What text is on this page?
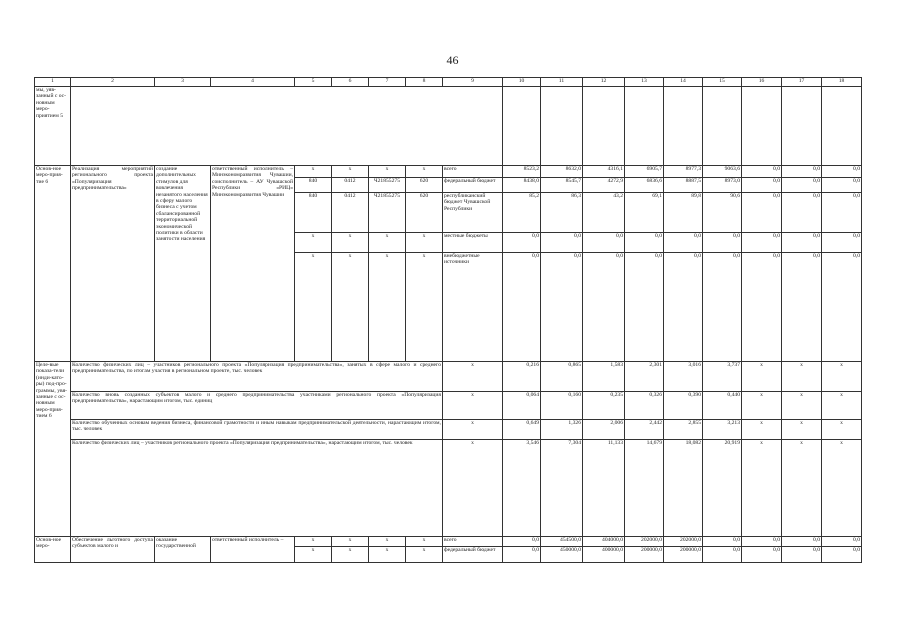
46
1	2	3	4	5	6	7	8	9	10	11	12	13	14	15	16	17	18
мы, уяв-занный с ос-новным меро-приятием 5																	
Основ-ное меро-прия-тие 6	Реализация мероприятий регионального проекта «Популяризация предпринимательства»	создание дополнительных стимулов для вовлечения незанятого населения в сферу малого бизнеса с учетом сбалансированной территориальной экономической политики в области занятости населения	ответственный исполнитель – Минэкономразвития Чувашии, соисполнитель – АУ Чувашской Республики «РИЦ» Минэкономразвития Чувашии	x	x	x	x	всего	8523,2	8632,0	4316,1	6905,7	8977,3	9063,6	0,0	0,0	0,0
				840	0412	Ч21855275	620	федеральный бюджет	8438,0	8545,7	4272,9	6836,6	8887,5	8973,0	0,0	0,0	0,0
				840	0412	Ч21855275	620	республиканский бюджет Чувашской Республики	85,2	86,3	43,2	69,1	89,8	90,6	0,0	0,0	0,0
				x	x	x	x	местные бюджеты	0,0	0,0	0,0	0,0	0,0	0,0	0,0	0,0	0,0
				x	x	x	x	внебюджетные источники	0,0	0,0	0,0	0,0	0,0	0,0	0,0	0,0	0,0
Целе-вые показа-тели (инди-като-ры) под-про-граммы, увя-занные с ос-новным меро-прия-тием 6	Количество физических лиц – участников регионального проекта «Популяризация предпринимательства», занятых в сфере малого и среднего предпринимательства, по итогам участия в региональном проекте, тыс. человек							x	0,216	0,865	1,583	2,301	3,016	3,737	x	x	x
	Количество вновь созданных субъектов малого и среднего предпринимательства участниками регионального проекта «Популяризация предпринимательства», нарастающим итогом, тыс. единиц							x	0,064	0,160	0,235	0,326	0,390	0,440	x	x	x
	Количество обученных основам ведения бизнеса, финансовой грамотности и иным навыкам предпринимательской деятельности, нарастающим итогом, тыс. человек							x	0,649	1,326	2,006	2,442	2,855	3,213	x	x	x
	Количество физических лиц – участников регионального проекта «Популяризация предпринимательства», нарастающим итогом, тыс. человек							x	3,546	7,304	11,133	14,679	18,082	20,919	x	x	x
Основ-ное меро-	Обеспечение льготного доступа субъектов малого и	оказание государственной	ответственный исполнитель –	x	x	x	x	всего	0,0	454500,0	404000,0	202000,0	202000,0	0,0	0,0	0,0	0,0
				x	x	x	x	федеральный бюджет	0,0	450000,0	400000,0	200000,0	200000,0	0,0	0,0	0,0	0,0
